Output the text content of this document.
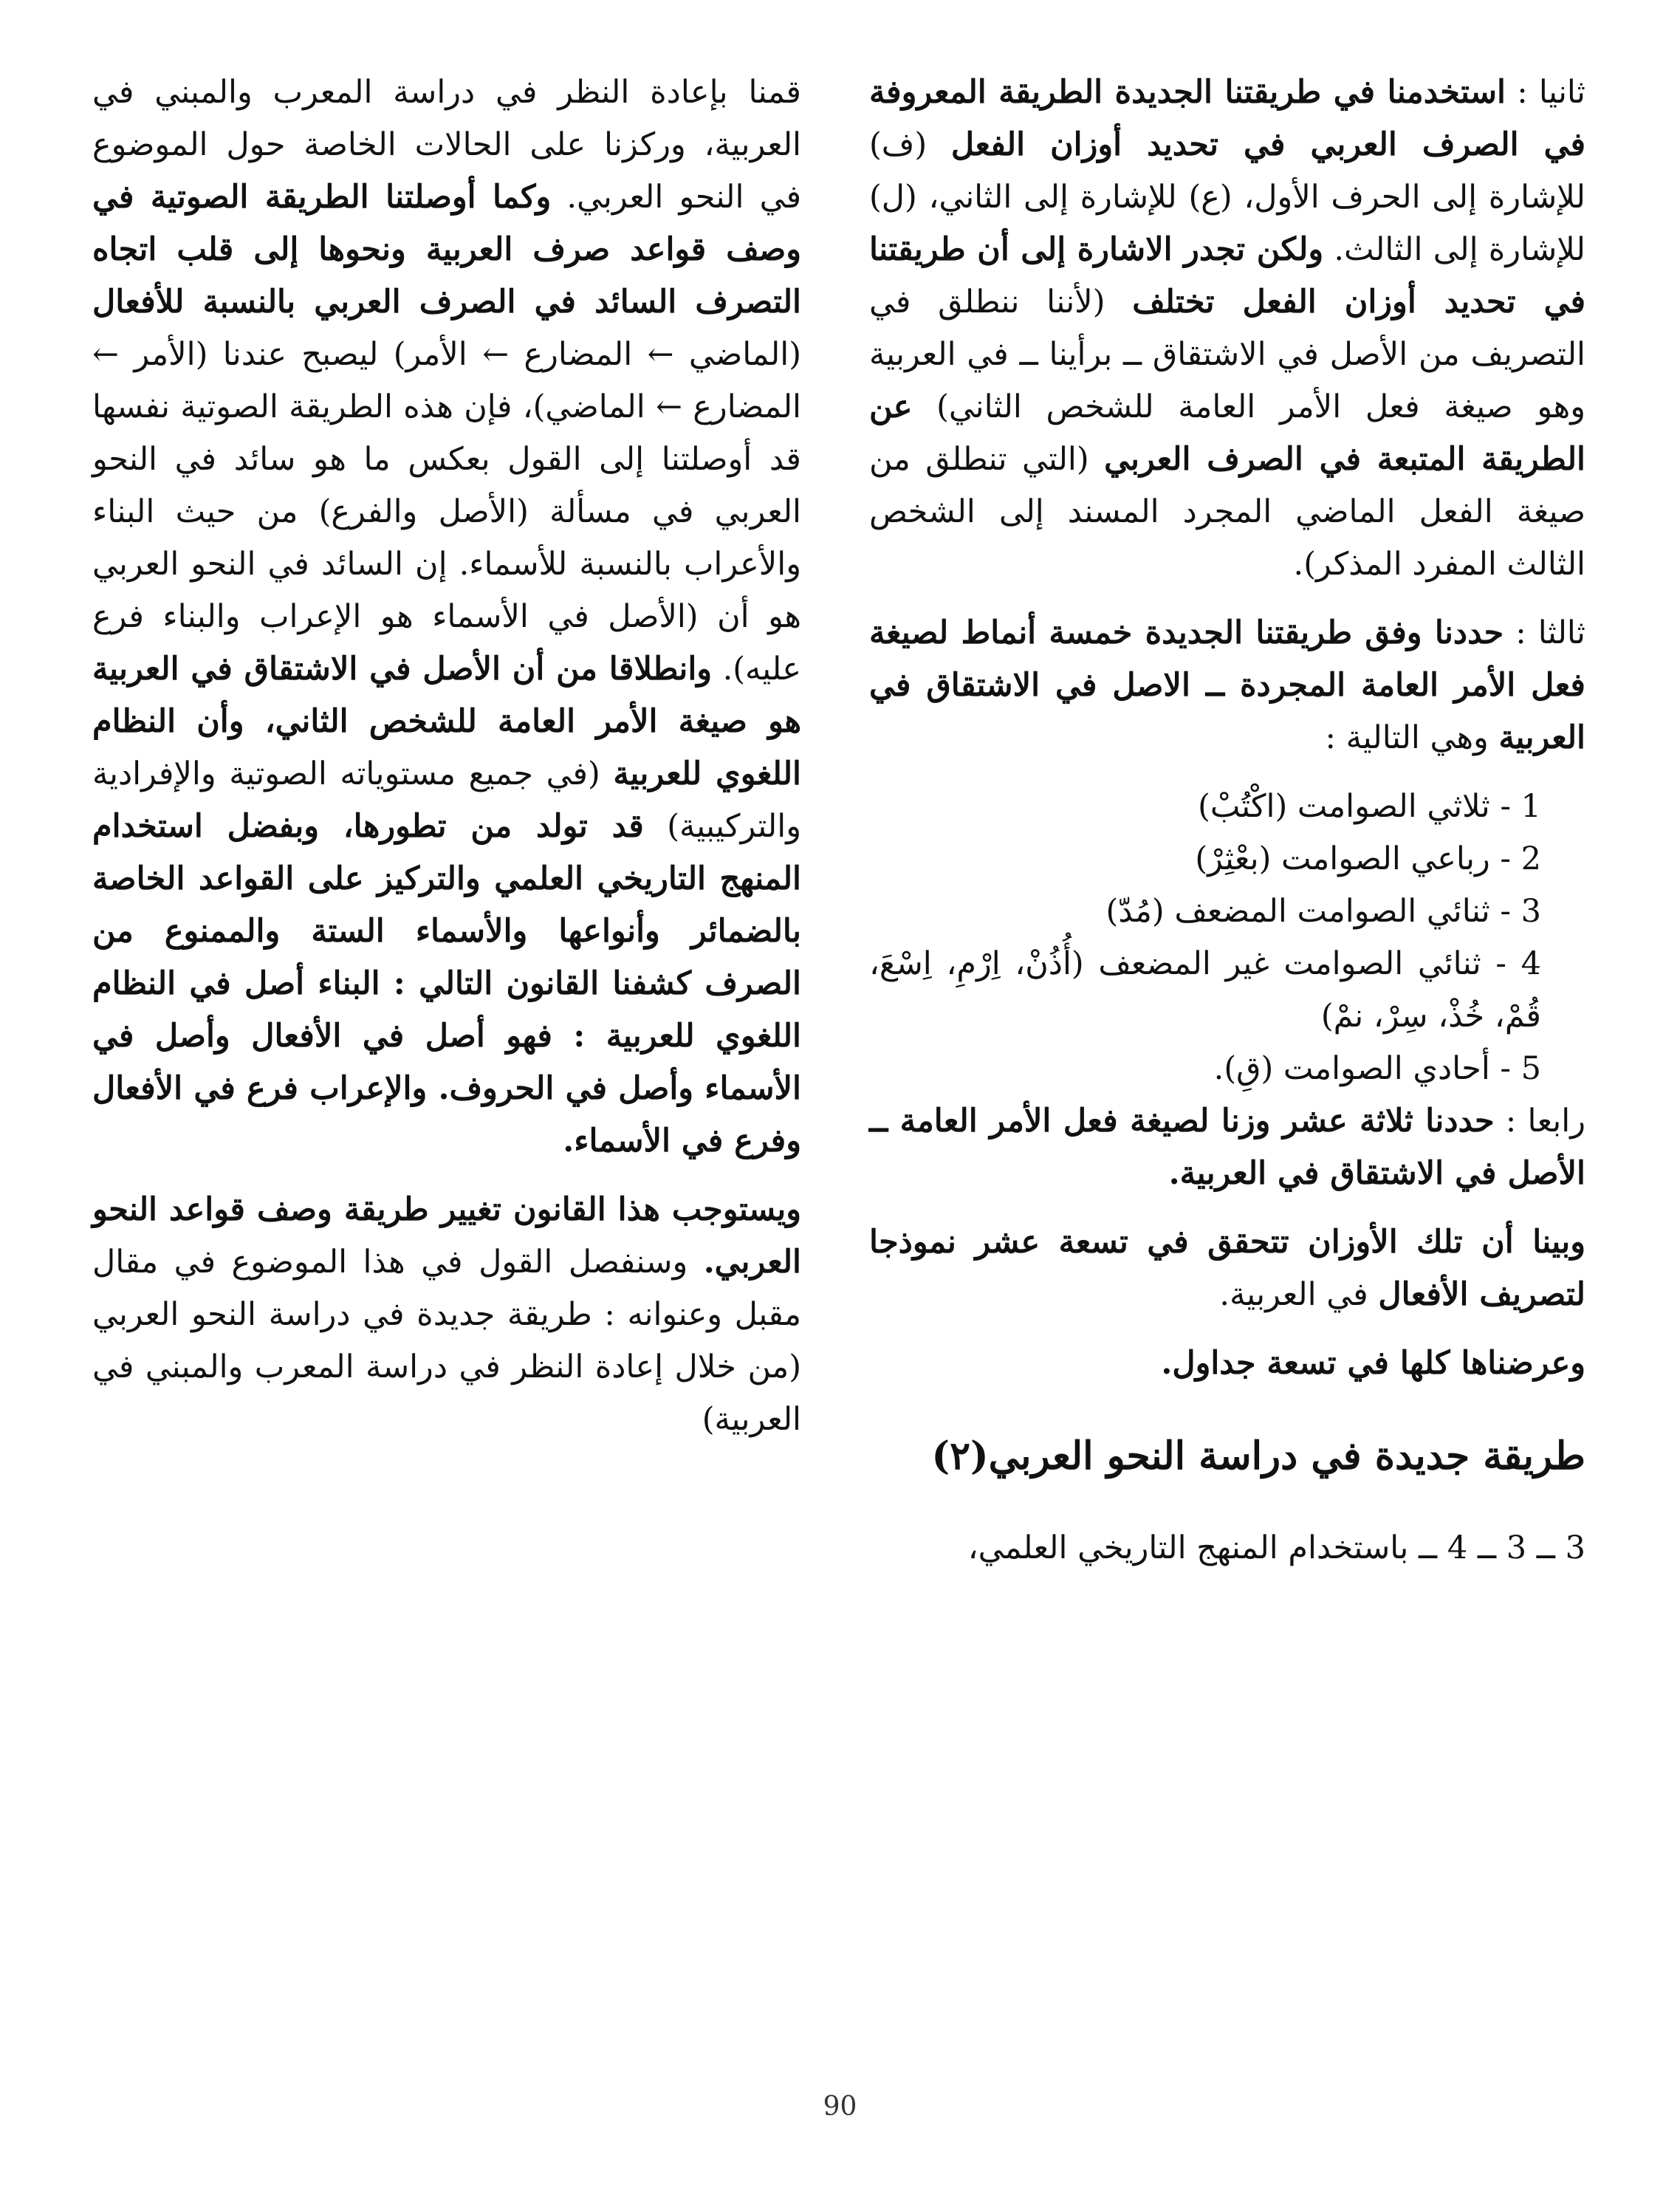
ثانيا : استخدمنا في طريقتنا الجديدة الطريقة المعروفة في الصرف العربي في تحديد أوزان الفعل (ف) للإشارة إلى الحرف الأول، (ع) للإشارة إلى الثاني، (ل) للإشارة إلى الثالث. ولكن تجدر الاشارة إلى أن طريقتنا في تحديد أوزان الفعل تختلف (لأننا ننطلق في التصريف من الأصل في الاشتقاق ــ برأينا ــ في العربية وهو صيغة فعل الأمر العامة للشخص الثاني) عن الطريقة المتبعة في الصرف العربي (التي تنطلق من صيغة الفعل الماضي المجرد المسند إلى الشخص الثالث المفرد المذكر).

ثالثا : حددنا وفق طريقتنا الجديدة خمسة أنماط لصيغة فعل الأمر العامة المجردة ــ الاصل في الاشتقاق في العربية وهي التالية :

1 - ثلاثي الصوامت (اكْتُبْ)
2 - رباعي الصوامت (بعْثِرْ)
3 - ثنائي الصوامت المضعف (مُدّ)
4 - ثنائي الصوامت غير المضعف (أُذُنْ، اِرْمِ، اِسْعَ، قُمْ، خُذْ، سِرْ، نمْ)
5 - أحادي الصوامت (قِ).

رابعا : حددنا ثلاثة عشر وزنا لصيغة فعل الأمر العامة ــ الأصل في الاشتقاق في العربية.

وبينا أن تلك الأوزان تتحقق في تسعة عشر نموذجا لتصريف الأفعال في العربية.

وعرضناها كلها في تسعة جداول.

طريقة جديدة في دراسة النحو العربي(٢)
3 ــ 3 ــ 4 ــ باستخدام المنهج التاريخي العلمي،

قمنا بإعادة النظر في دراسة المعرب والمبني في العربية، وركزنا على الحالات الخاصة حول الموضوع في النحو العربي. وكما أوصلتنا الطريقة الصوتية في وصف قواعد صرف العربية ونحوها إلى قلب اتجاه التصرف السائد في الصرف العربي بالنسبة للأفعال (الماضي ← المضارع ← الأمر) ليصبح عندنا (الأمر ← المضارع ← الماضي)، فإن هذه الطريقة الصوتية نفسها قد أوصلتنا إلى القول بعكس ما هو سائد في النحو العربي في مسألة (الأصل والفرع) من حيث البناء والأعراب بالنسبة للأسماء. إن السائد في النحو العربي هو أن (الأصل في الأسماء هو الإعراب والبناء فرع عليه). وانطلاقا من أن الأصل في الاشتقاق في العربية هو صيغة الأمر العامة للشخص الثاني، وأن النظام اللغوي للعربية (في جميع مستوياته الصوتية والإفرادية والتركيبية) قد تولد من تطورها، وبفضل استخدام المنهج التاريخي العلمي والتركيز على القواعد الخاصة بالضمائر وأنواعها والأسماء الستة والممنوع من الصرف كشفنا القانون التالي : البناء أصل في النظام اللغوي للعربية : فهو أصل في الأفعال وأصل في الأسماء وأصل في الحروف. والإعراب فرع في الأفعال وفرع في الأسماء.

ويستوجب هذا القانون تغيير طريقة وصف قواعد النحو العربي. وسنفصل القول في هذا الموضوع في مقال مقبل وعنوانه : طريقة جديدة في دراسة النحو العربي (من خلال إعادة النظر في دراسة المعرب والمبني في العربية)

90
